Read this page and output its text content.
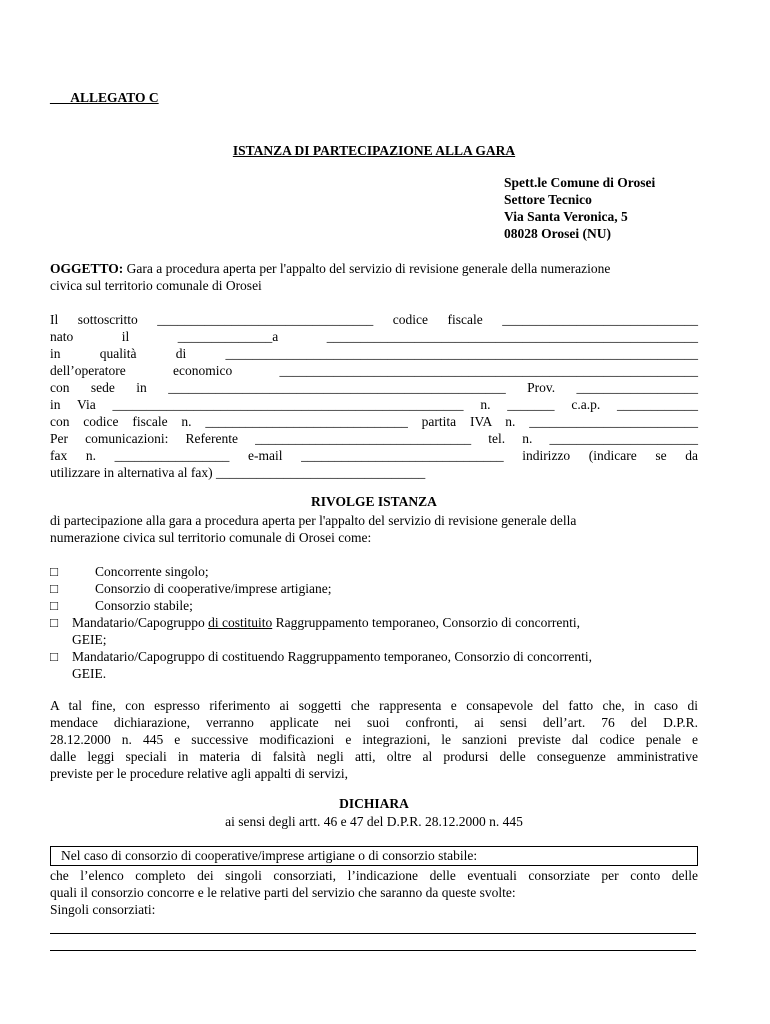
___ALLEGATO C
ISTANZA DI PARTECIPAZIONE ALLA GARA
Spett.le Comune di Orosei
Settore Tecnico
Via Santa Veronica, 5
08028 Orosei (NU)
OGGETTO: Gara a procedura aperta per l'appalto del servizio di revisione generale della numerazione
civica sul territorio comunale di Orosei
Il sottoscritto ________________________________ codice fiscale _____________________________
nato il ______________a _______________________________________________________
in qualità di ______________________________________________________________________
dell’operatore economico ______________________________________________________________
con sede in __________________________________________________ Prov. __________________
in Via ____________________________________________________ n. _______ c.a.p. ____________
con codice fiscale n. ______________________________ partita IVA n. _________________________
Per comunicazioni: Referente ________________________________ tel. n. ______________________
fax n. _________________ e-mail ______________________________ indirizzo (indicare se da
utilizzare in alternativa al fax) _______________________________
RIVOLGE ISTANZA
di partecipazione alla gara a procedura aperta per l'appalto del servizio di revisione generale della
numerazione civica sul territorio comunale di Orosei come:
□	Concorrente singolo;
□	Consorzio di cooperative/imprese artigiane;
□	Consorzio stabile;
□ Mandatario/Capogruppo di costituito Raggruppamento temporaneo, Consorzio di concorrenti,
GEIE;
□ Mandatario/Capogruppo di costituendo Raggruppamento temporaneo, Consorzio di concorrenti,
GEIE.
A tal fine, con espresso riferimento ai soggetti che rappresenta e consapevole del fatto che, in caso di
mendace dichiarazione, verranno applicate nei suoi confronti, ai sensi dell’art. 76 del D.P.R.
28.12.2000 n. 445 e successive modificazioni e integrazioni, le sanzioni previste dal codice penale e
dalle leggi speciali in materia di falsità negli atti, oltre al prodursi delle conseguenze amministrative
previste per le procedure relative agli appalti di servizi,
DICHIARA
ai sensi degli artt. 46 e 47 del D.P.R. 28.12.2000 n. 445
Nel caso di consorzio di cooperative/imprese artigiane o di consorzio stabile:
che l’elenco completo dei singoli consorziati, l’indicazione delle eventuali consorziate per conto delle
quali il consorzio concorre e le relative parti del servizio che saranno da queste svolte:
Singoli consorziati:
